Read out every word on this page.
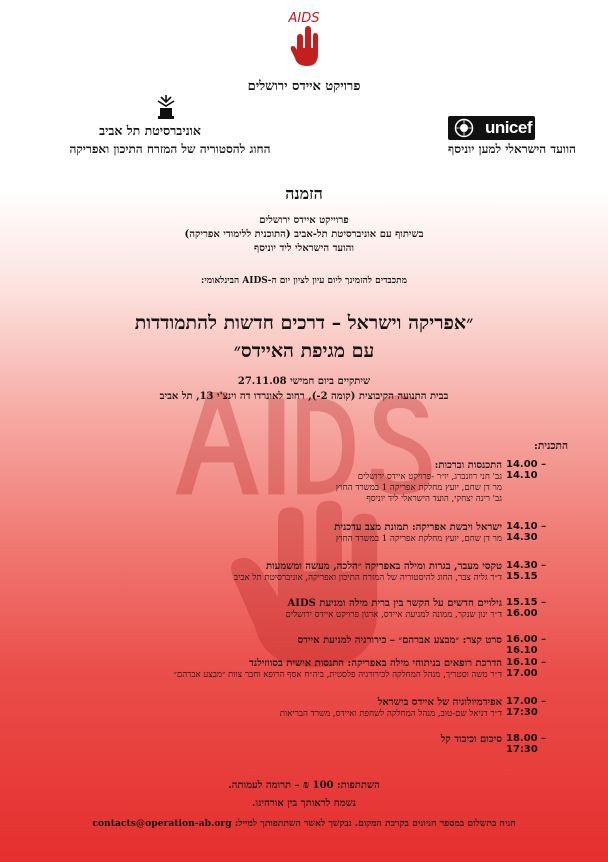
AIDS
פרויקט איידס ירושלים
אוניברסיטת תל אביב
החוג להסטוריה של המזרח התיכון ואפריקה
unicef
הוועד הישראלי למען יוניסף
הזמנה
פרוייקט איידס ירושלים
בשיתוף עם אוניברסיטת תל-אביב (התוכנית ללימודי אפריקה)
והועד הישראלי ליד יוניסף
מתכבדים להזמינך ליום עיון לציון יום ה-AIDS הבינלאומי:
״אפריקה וישראל – דרכים חדשות להתמודדות
עם מגיפת האיידס״
שיתקיים ביום חמישי 27.11.08
בבית התנועה הקיבוצית (קומה 2-), רחוב לאונרדו דה וינצ'י 13, תל אביב
התכנית:
14.00 – 14.10
התכנסות וברכות:
גב' חני רוזנברג, יו״ר -פרויקט איידס ירושלים
מר דן שחם, יועץ מחלקת אפריקה 1 במשרד החוץ
גב' רינה יצחקי, הועד הישראלי ליד יוניסף
14.10 – 14.30
ישראל ויבשת אפריקה: תמונת מצב עדכנית
מר דן שחם, יועץ מחלקת אפריקה 1 במשרד החוץ
14.30 – 15.15
טקסי מעבר, בגרות ומילה באפריקה ״הלכה, מעשה ומשמעות
ד״ר גליה צבר, החוג להיסטוריה של המזרח התיכון ואפריקה, אוניברסיטת תל אביב
15.15 – 16.00
גילויים חדשים על הקשר בין ברית מילה ומניעת AIDS
ד״ר ינון שנקר, ממונה למניעת איידס, ארגון פרויקט איידס ירושלים
16.00 – 16.10
סרט קצר: ״מבצע אברהם״ – כירורגיה למניעת איידס
16.10 – 17.00
הדרכת רופאים בניתוחי מילה באפריקה: התנסות אישית בסווזילנד
ד״ר משה וסטריך, מנהל המחלקה לכירורגיה פלסטית, ביה״ח אסף הרופא וחבר צוות ״מבצע אברהם״
17.00 – 17:30
אפידמיולוגיה של איידס בישראל
ד״ר דניאל שם-טוב, מנהל המחלקה לשחפת ואיידס, משרד הבריאות
18.00 – 17:30
סיכום וכיבוד קל
השתתפות: 100 ₪ – תרומה לעמותה.
נשמח לראותך בין אורחינו.
חניה בתשלום במספר חניונים בקרבת המקום. נבקשך לאשר השתתפותך למייל: contacts@operation-ab.org
